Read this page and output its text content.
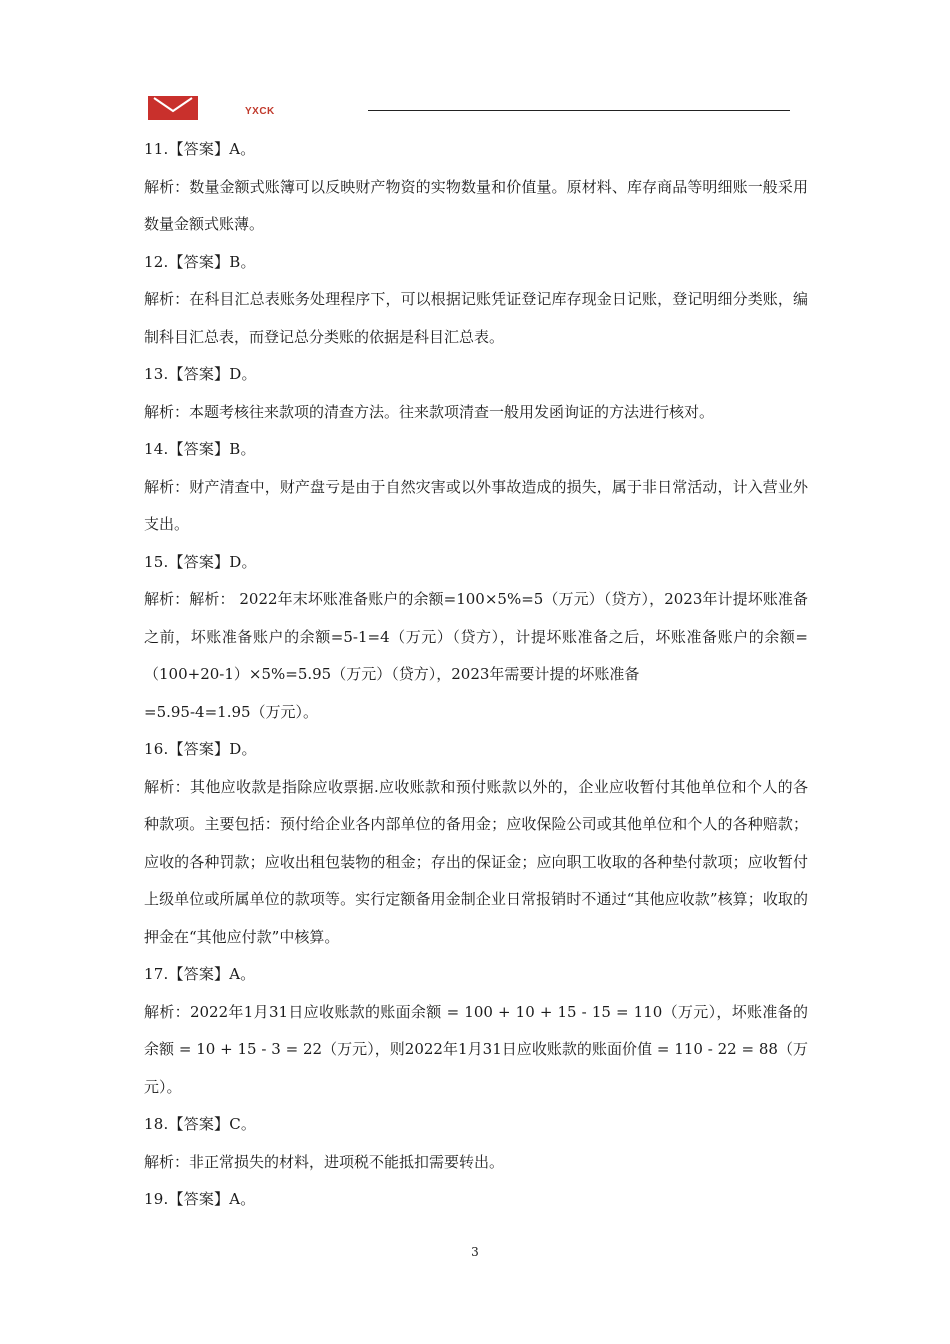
YXCK

11.【答案】A。

解析：数量金额式账簿可以反映财产物资的实物数量和价值量。原材料、库存商品等明细账一般采用数量金额式账薄。

12.【答案】B。

解析：在科目汇总表账务处理程序下，可以根据记账凭证登记库存现金日记账，登记明细分类账，编制科目汇总表，而登记总分类账的依据是科目汇总表。

13.【答案】D。

解析：本题考核往来款项的清查方法。往来款项清查一般用发函询证的方法进行核对。

14.【答案】B。

解析：财产清查中，财产盘亏是由于自然灾害或以外事故造成的损失，属于非日常活动，计入营业外支出。

15.【答案】D。

解析：解析： 2022年末坏账准备账户的余额=100×5%=5（万元）（贷方），2023年计提坏账准备之前，坏账准备账户的余额=5-1=4（万元）（贷方），计提坏账准备之后，坏账准备账户的余额=（100+20-1）×5%=5.95（万元）（贷方），2023年需要计提的坏账准备

=5.95-4=1.95（万元）。

16.【答案】D。

解析：其他应收款是指除应收票据.应收账款和预付账款以外的，企业应收暂付其他单位和个人的各种款项。主要包括：预付给企业各内部单位的备用金；应收保险公司或其他单位和个人的各种赔款；应收的各种罚款；应收出租包装物的租金；存出的保证金；应向职工收取的各种垫付款项；应收暂付上级单位或所属单位的款项等。实行定额备用金制企业日常报销时不通过“其他应收款”核算；收取的押金在“其他应付款”中核算。

17.【答案】A。

解析：2022年1月31日应收账款的账面余额 = 100 + 10 + 15 - 15 = 110（万元），坏账准备的余额 = 10 + 15 - 3 = 22（万元），则2022年1月31日应收账款的账面价值 = 110 - 22 = 88（万元）。

18.【答案】C。

解析：非正常损失的材料，进项税不能抵扣需要转出。

19.【答案】A。

3
